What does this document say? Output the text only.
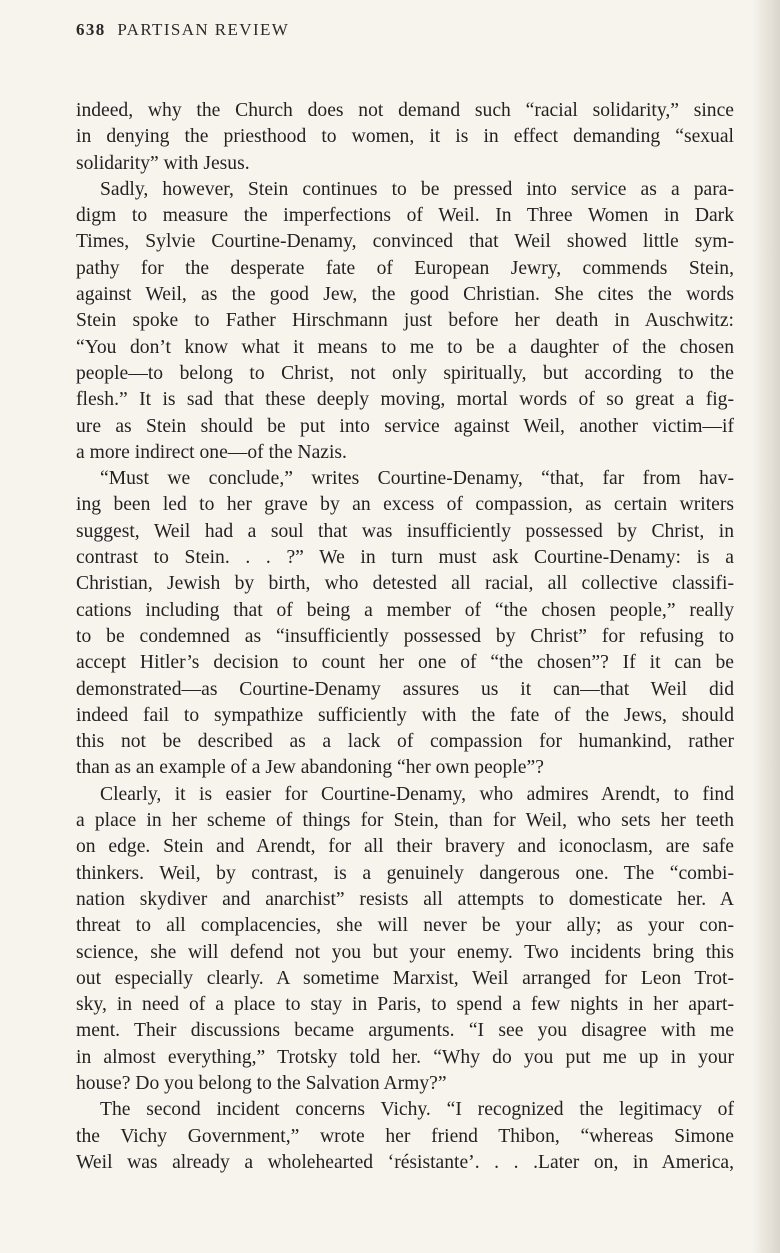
638 PARTISAN REVIEW
indeed, why the Church does not demand such “racial solidarity,” since
in denying the priesthood to women, it is in effect demanding “sexual
solidarity” with Jesus.
Sadly, however, Stein continues to be pressed into service as a para-
digm to measure the imperfections of Weil. In Three Women in Dark
Times, Sylvie Courtine-Denamy, convinced that Weil showed little sym-
pathy for the desperate fate of European Jewry, commends Stein,
against Weil, as the good Jew, the good Christian. She cites the words
Stein spoke to Father Hirschmann just before her death in Auschwitz:
“You don’t know what it means to me to be a daughter of the chosen
people—to belong to Christ, not only spiritually, but according to the
flesh.” It is sad that these deeply moving, mortal words of so great a fig-
ure as Stein should be put into service against Weil, another victim—if
a more indirect one—of the Nazis.
“Must we conclude,” writes Courtine-Denamy, “that, far from hav-
ing been led to her grave by an excess of compassion, as certain writers
suggest, Weil had a soul that was insufficiently possessed by Christ, in
contrast to Stein. . . ?” We in turn must ask Courtine-Denamy: is a
Christian, Jewish by birth, who detested all racial, all collective classifi-
cations including that of being a member of “the chosen people,” really
to be condemned as “insufficiently possessed by Christ” for refusing to
accept Hitler’s decision to count her one of “the chosen”? If it can be
demonstrated—as Courtine-Denamy assures us it can—that Weil did
indeed fail to sympathize sufficiently with the fate of the Jews, should
this not be described as a lack of compassion for humankind, rather
than as an example of a Jew abandoning “her own people”?
Clearly, it is easier for Courtine-Denamy, who admires Arendt, to find
a place in her scheme of things for Stein, than for Weil, who sets her teeth
on edge. Stein and Arendt, for all their bravery and iconoclasm, are safe
thinkers. Weil, by contrast, is a genuinely dangerous one. The “combi-
nation skydiver and anarchist” resists all attempts to domesticate her. A
threat to all complacencies, she will never be your ally; as your con-
science, she will defend not you but your enemy. Two incidents bring this
out especially clearly. A sometime Marxist, Weil arranged for Leon Trot-
sky, in need of a place to stay in Paris, to spend a few nights in her apart-
ment. Their discussions became arguments. “I see you disagree with me
in almost everything,” Trotsky told her. “Why do you put me up in your
house? Do you belong to the Salvation Army?”
The second incident concerns Vichy. “I recognized the legitimacy of
the Vichy Government,” wrote her friend Thibon, “whereas Simone
Weil was already a wholehearted ‘résistante’. . . .Later on, in America,
